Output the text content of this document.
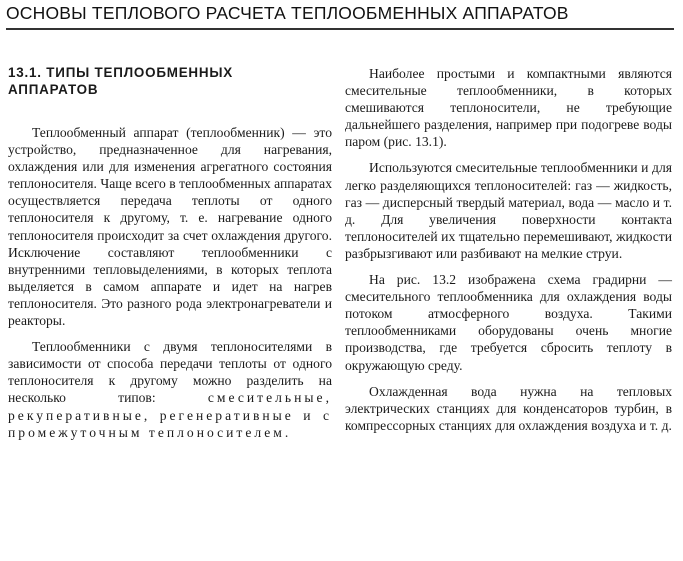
ОСНОВЫ ТЕПЛОВОГО РАСЧЕТА ТЕПЛООБМЕННЫХ АППАРАТОВ
13.1. ТИПЫ ТЕПЛООБМЕННЫХ АППАРАТОВ

Теплообменный аппарат (теплообменник) — это устройство, предназначенное для нагревания, охлаждения или для изменения агрегатного состояния теплоносителя. Чаще всего в теплообменных аппаратах осуществляется передача теплоты от одного теплоносителя к другому, т. е. нагревание одного теплоносителя происходит за счет охлаждения другого. Исключение составляют теплообменники с внутренними тепловыделениями, в которых теплота выделяется в самом аппарате и идет на нагрев теплоносителя. Это разного рода электронагреватели и реакторы.

Теплообменники с двумя теплоносителями в зависимости от способа передачи теплоты от одного теплоносителя к другому можно разделить на несколько типов:	смесительные, рекуперативные, регенеративные и с промежуточным теплоносителем.

Наиболее простыми и компактными являются смесительные теплообменники, в которых смешиваются теплоносители, не требующие дальнейшего разделения, например при подогреве воды паром (рис. 13.1).

Используются смесительные теплообменники и для легко разделяющихся теплоносителей: газ — жидкость, газ — дисперсный твердый материал, вода — масло и т. д. Для увеличения поверхности контакта теплоносителей их тщательно перемешивают, жидкости разбрызгивают или разбивают на мелкие струи.

На рис. 13.2 изображена схема градирни — смесительного теплообменника для охлаждения воды потоком атмосферного воздуха. Такими теплообменниками оборудованы очень многие производства, где требуется сбросить теплоту в окружающую среду.

Охлажденная вода нужна на тепловых электрических станциях для конденсаторов турбин, в компрессорных станциях для охлаждения воздуха и т. д.
